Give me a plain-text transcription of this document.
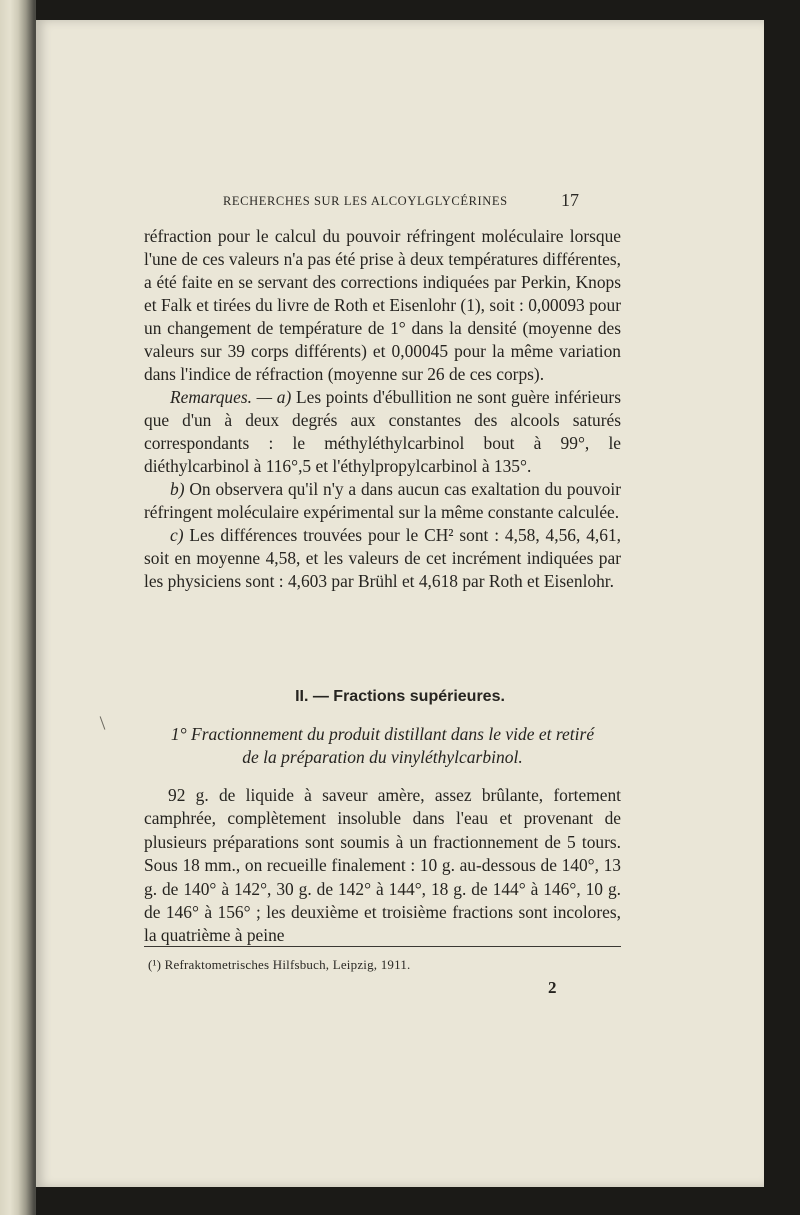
RECHERCHES SUR LES ALCOYLGLYCÉRINES	17

réfraction pour le calcul du pouvoir réfringent moléculaire lorsque l'une de ces valeurs n'a pas été prise à deux températures différentes, a été faite en se servant des corrections indiquées par Perkin, Knops et Falk et tirées du livre de Roth et Eisenlohr (1), soit : 0,00093 pour un changement de température de 1° dans la densité (moyenne des valeurs sur 39 corps différents) et 0,00045 pour la même variation dans l'indice de réfraction (moyenne sur 26 de ces corps).

Remarques. — a) Les points d'ébullition ne sont guère inférieurs que d'un à deux degrés aux constantes des alcools saturés correspondants : le méthyléthylcarbinol bout à 99°, le diéthylcarbinol à 116°,5 et l'éthylpropylcarbinol à 135°.

b) On observera qu'il n'y a dans aucun cas exaltation du pouvoir réfringent moléculaire expérimental sur la même constante calculée.

c) Les différences trouvées pour le CH² sont : 4,58, 4,56, 4,61, soit en moyenne 4,58, et les valeurs de cet incrément indiquées par les physiciens sont : 4,603 par Brühl et 4,618 par Roth et Eisenlohr.

II. — Fractions supérieures.
1° Fractionnement du produit distillant dans le vide et retiré
de la préparation du vinyléthylcarbinol.

92 g. de liquide à saveur amère, assez brûlante, fortement camphrée, complètement insoluble dans l'eau et provenant de plusieurs préparations sont soumis à un fractionnement de 5 tours. Sous 18 mm., on recueille finalement : 10 g. au-dessous de 140°, 13 g. de 140° à 142°, 30 g. de 142° à 144°, 18 g. de 144° à 146°, 10 g. de 146° à 156° ; les deuxième et troisième fractions sont incolores, la quatrième à peine

(¹) Refraktometrisches Hilfsbuch, Leipzig, 1911.
2
